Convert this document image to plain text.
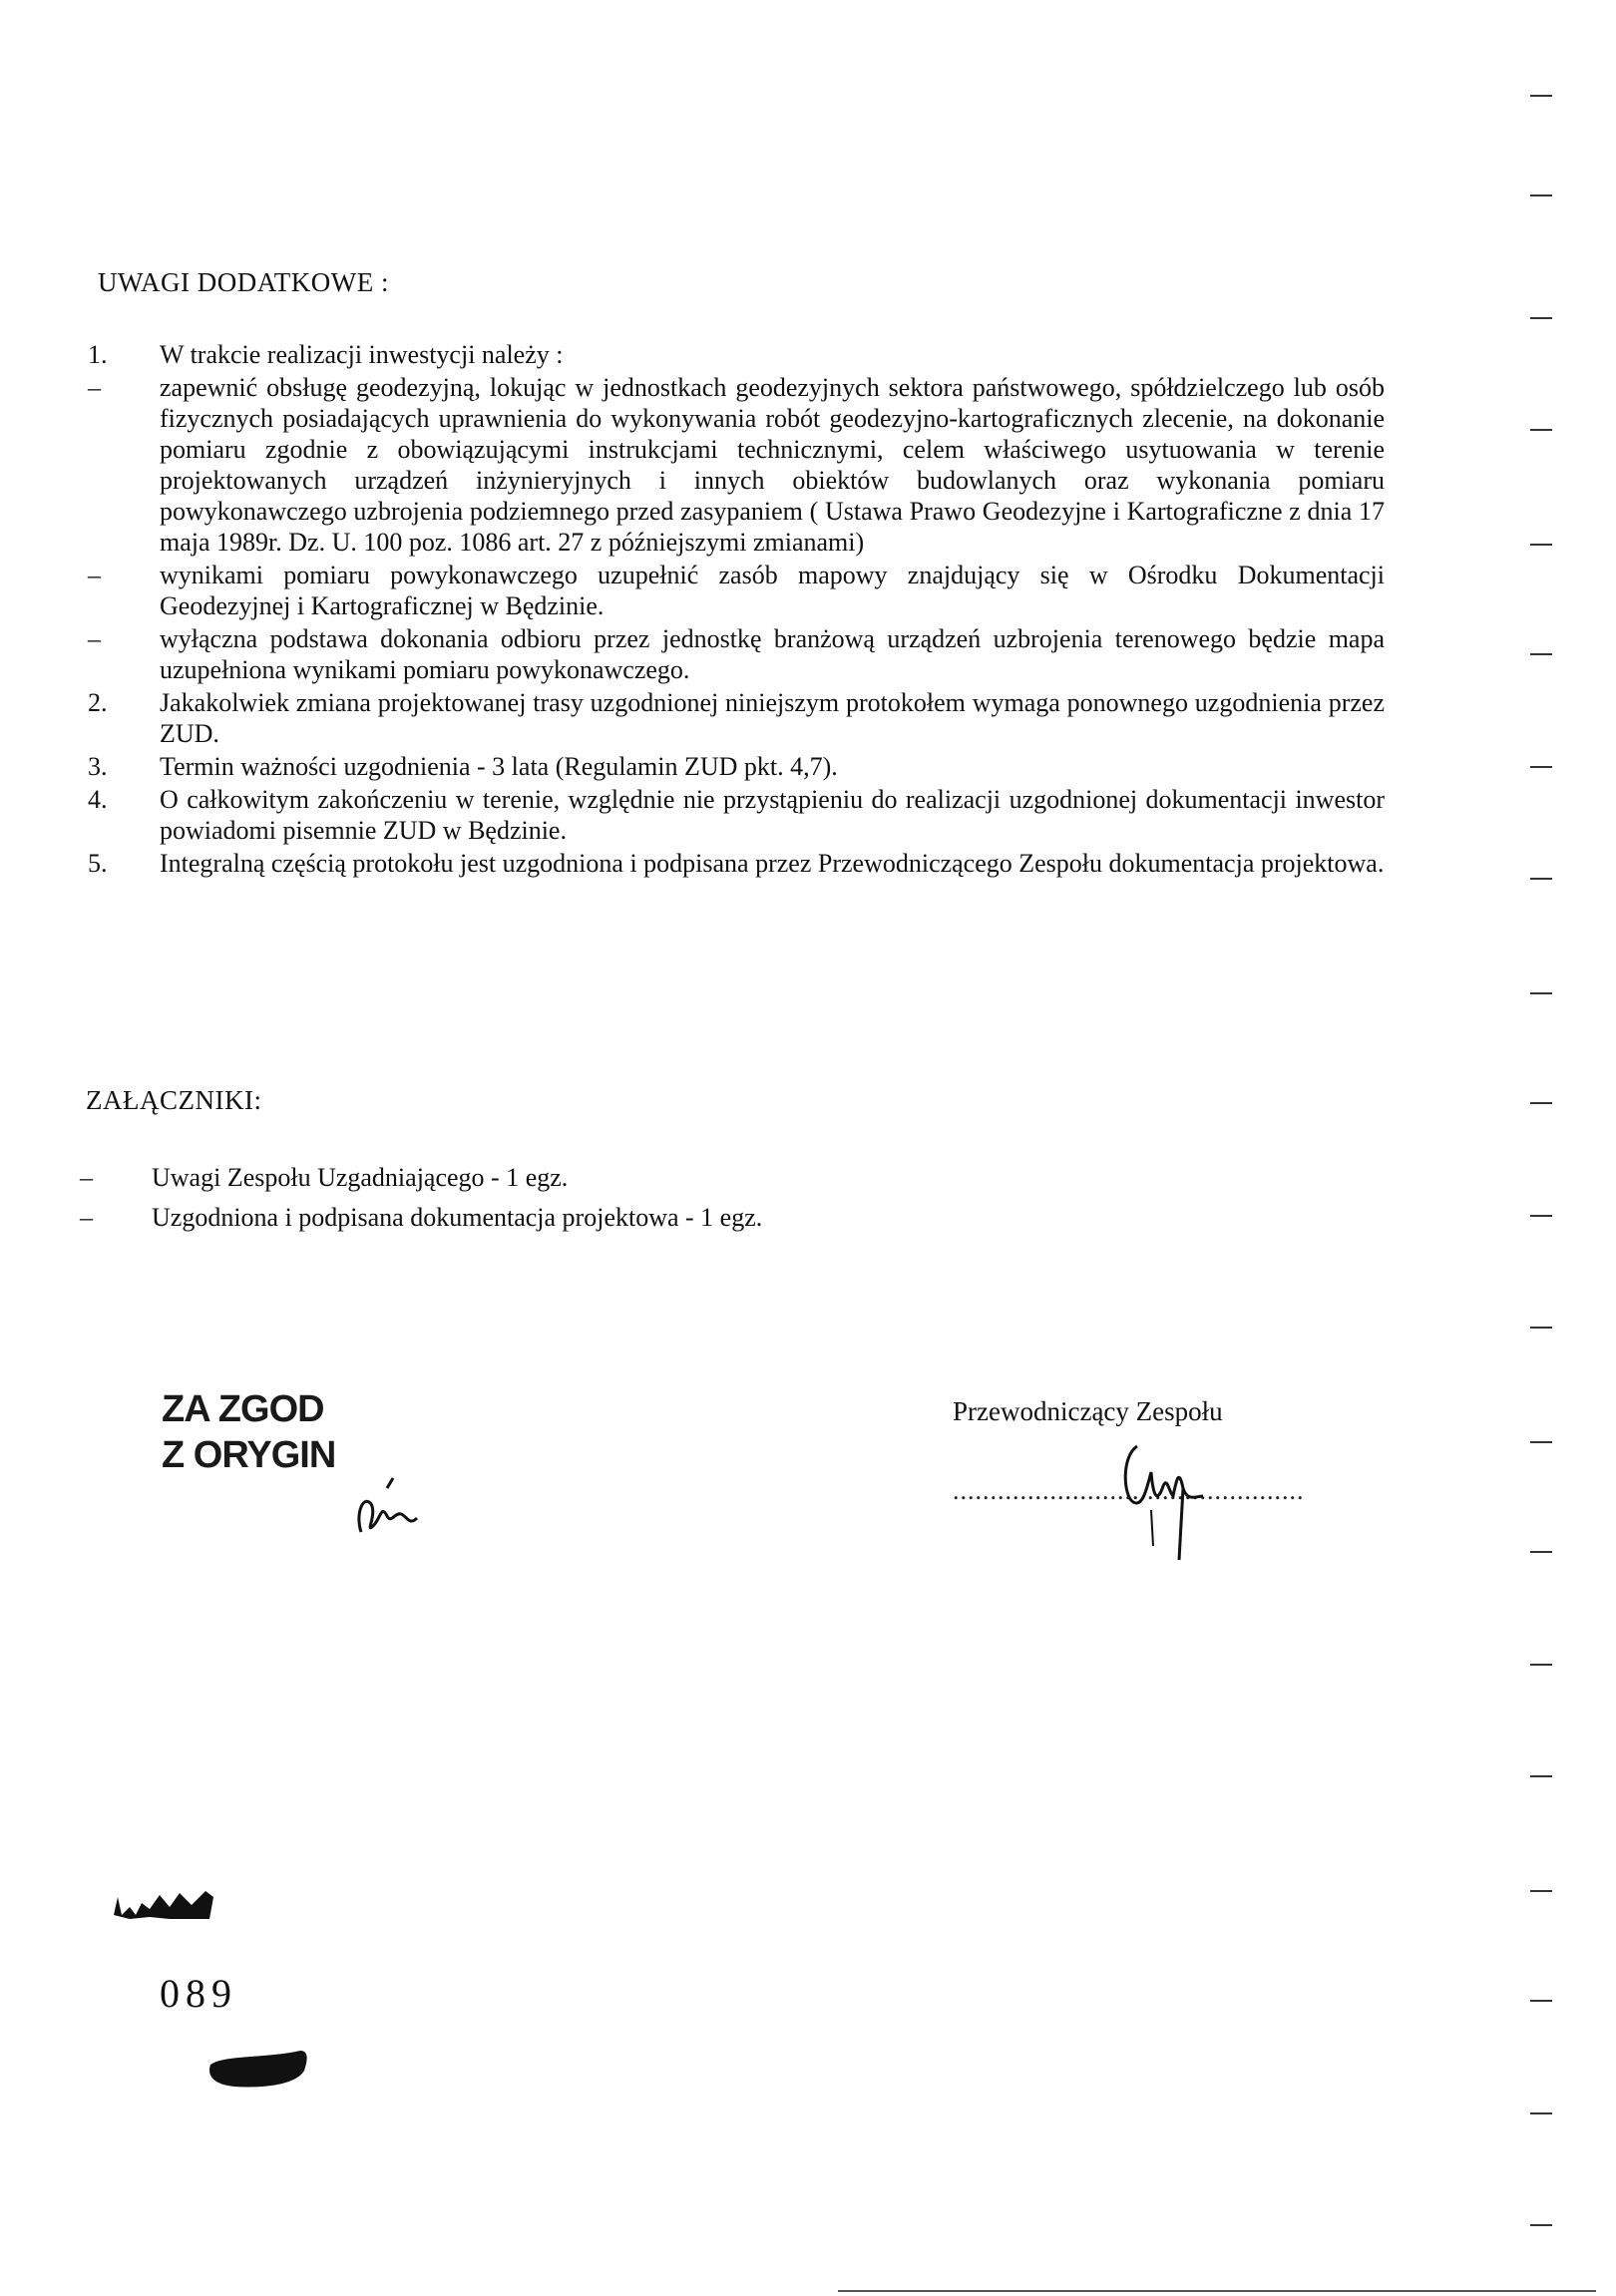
UWAGI DODATKOWE :
1.	W trakcie realizacji inwestycji należy :
–	zapewnić obsługę geodezyjną, lokując w jednostkach geodezyjnych sektora państwowego, spółdzielczego lub osób fizycznych posiadających uprawnienia do wykonywania robót geodezyjno-kartograficznych zlecenie, na dokonanie pomiaru zgodnie z obowiązującymi instrukcjami technicznymi, celem właściwego usytuowania w terenie projektowanych urządzeń inżynieryjnych i innych obiektów budowlanych oraz wykonania pomiaru powykonawczego uzbrojenia podziemnego przed zasypaniem ( Ustawa Prawo Geodezyjne i Kartograficzne z dnia 17 maja 1989r. Dz. U. 100 poz. 1086 art. 27 z późniejszymi zmianami)
–	wynikami pomiaru powykonawczego uzupełnić zasób mapowy znajdujący się w Ośrodku Dokumentacji Geodezyjnej i Kartograficznej w Będzinie.
–	wyłączna podstawa dokonania odbioru przez jednostkę branżową urządzeń uzbrojenia terenowego będzie mapa uzupełniona wynikami pomiaru powykonawczego.
2.	Jakakolwiek zmiana projektowanej trasy uzgodnionej niniejszym protokołem wymaga ponownego uzgodnienia przez ZUD.
3.	Termin ważności uzgodnienia - 3 lata (Regulamin ZUD pkt. 4,7).
4.	O całkowitym zakończeniu w terenie, względnie nie przystąpieniu do realizacji uzgodnionej dokumentacji inwestor powiadomi pisemnie ZUD w Będzinie.
5.	Integralną częścią protokołu jest uzgodniona i podpisana przez Przewodniczącego Zespołu dokumentacja projektowa.
ZAŁĄCZNIKI:
–	Uwagi Zespołu Uzgadniającego - 1 egz.
–	Uzgodniona i podpisana dokumentacja projektowa - 1 egz.
ZA ZGOD
Z ORYGIN
Przewodniczący Zespołu
...............................................
089
